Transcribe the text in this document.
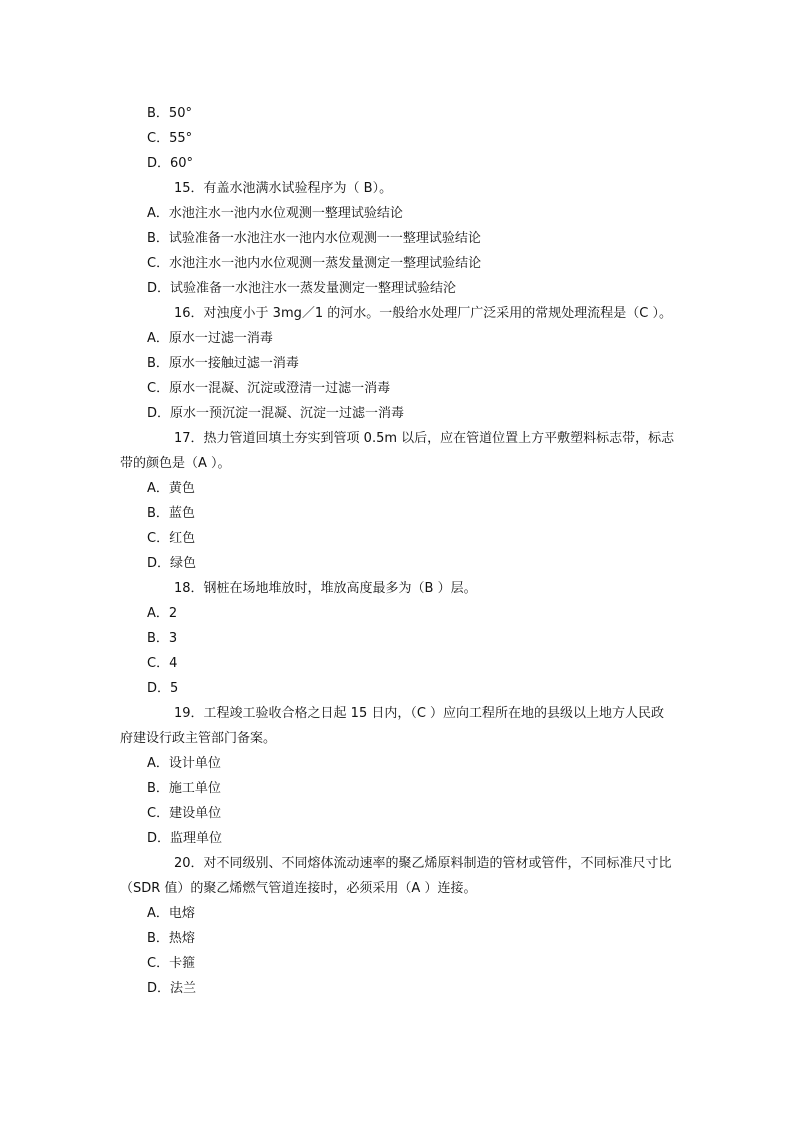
B．50°
C．55°
D．60°
15．有盖水池满水试验程序为（ B）。
A．水池注水一池内水位观测一整理试验结论
B．试验准备一水池注水一池内水位观测一一整理试验结论
C．水池注水一池内水位观测一蒸发量测定一整理试验结论
D．试验准备一水池注水一蒸发量测定一整理试验结沦
16．对浊度小于 3mg／1 的河水。一般给水处理厂广泛采用的常规处理流程是（C ）。
A．原水一过滤一消毒
B．原水一接触过滤一消毒
C．原水一混凝、沉淀或澄清一过滤一消毒
D．原水一预沉淀一混凝、沉淀一过滤一消毒
17．热力管道回填土夯实到管项 0.5m 以后，应在管道位置上方平敷塑料标志带，标志
带的颜色是（A ）。
A．黄色
B．蓝色
C．红色
D．绿色
18．钢桩在场地堆放时，堆放高度最多为（B ）层。
A．2
B．3
C．4
D．5
19．工程竣工验收合格之日起 15 日内，（C ）应向工程所在地的县级以上地方人民政
府建设行政主管部门备案。
A．设计单位
B．施工单位
C．建设单位
D．监理单位
20．对不同级别、不同熔体流动速率的聚乙烯原料制造的管材或管件，不同标准尺寸比
（SDR 值）的聚乙烯燃气管道连接时，必须采用（A ）连接。
A．电熔
B．热熔
C．卡箍
D．法兰
